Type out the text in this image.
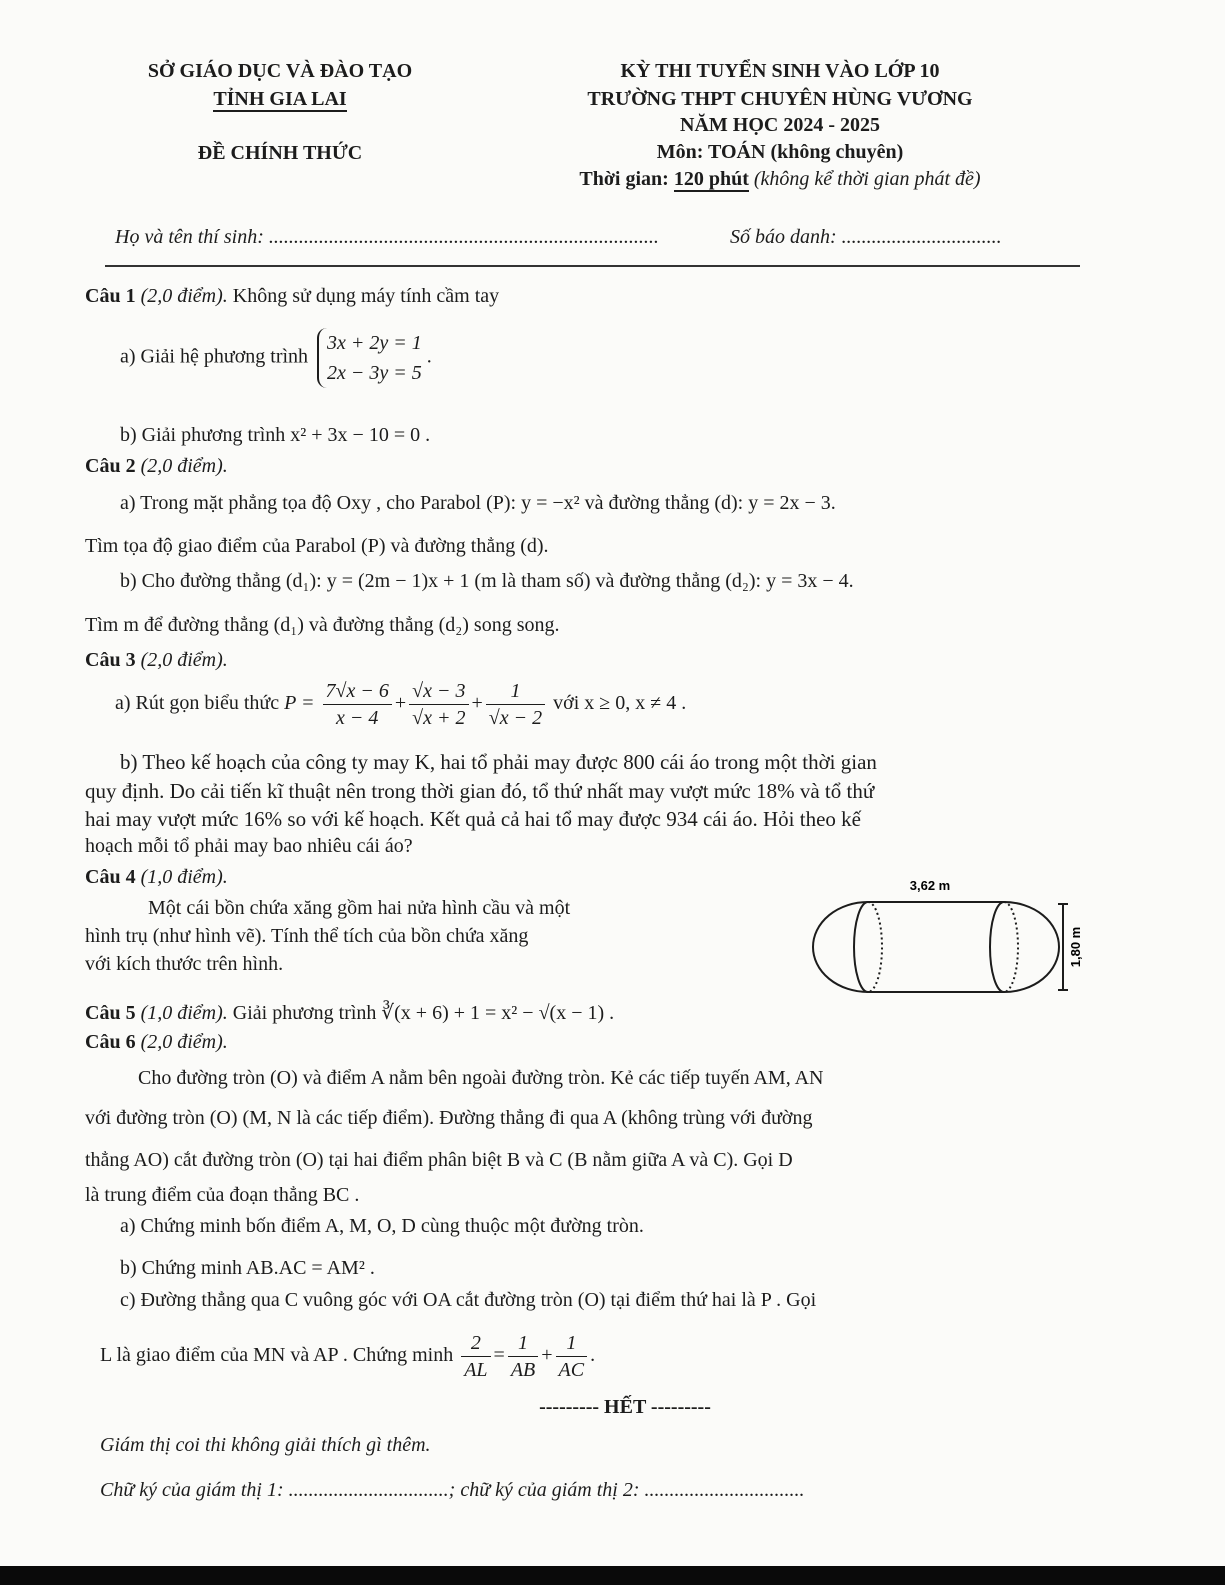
SỞ GIÁO DỤC VÀ ĐÀO TẠO
TỈNH GIA LAI
ĐỀ CHÍNH THỨC
KỲ THI TUYỂN SINH VÀO LỚP 10
TRƯỜNG THPT CHUYÊN HÙNG VƯƠNG
NĂM HỌC 2024 - 2025
Môn: TOÁN (không chuyên)
Thời gian: 120 phút (không kể thời gian phát đề)
Họ và tên thí sinh: ..............................................................................	Số báo danh: ................................
Câu 1 (2,0 điểm). Không sử dụng máy tính cầm tay
a) Giải hệ phương trình
3x + 2y = 1
2x − 3y = 5
.
b) Giải phương trình x² + 3x − 10 = 0 .
Câu 2 (2,0 điểm).
a) Trong mặt phẳng tọa độ Oxy , cho Parabol (P): y = −x² và đường thẳng (d): y = 2x − 3.
Tìm tọa độ giao điểm của Parabol (P) và đường thẳng (d).
b) Cho đường thẳng (d₁): y = (2m − 1)x + 1 (m là tham số) và đường thẳng (d₂): y = 3x − 4.
Tìm m để đường thẳng (d₁) và đường thẳng (d₂) song song.
Câu 3 (2,0 điểm).
a) Rút gọn biểu thức $P = \frac{7√x - 6}{x - 4} + \frac{√x - 3}{√x + 2} + \frac{1}{√x - 2}$ với x ≥ 0, x ≠ 4 .
b) Theo kế hoạch của công ty may K, hai tổ phải may được 800 cái áo trong một thời gian
quy định. Do cải tiến kĩ thuật nên trong thời gian đó, tổ thứ nhất may vượt mức 18% và tổ thứ
hai may vượt mức 16% so với kế hoạch. Kết quả cả hai tổ may được 934 cái áo. Hỏi theo kế
hoạch mỗi tổ phải may bao nhiêu cái áo?
Câu 4 (1,0 điểm).
Một cái bồn chứa xăng gồm hai nửa hình cầu và một
hình trụ (như hình vẽ). Tính thể tích của bồn chứa xăng
với kích thước trên hình.
3,62 m
1,80 m
Câu 5 (1,0 điểm). Giải phương trình ∛(x + 6) + 1 = x² − √(x − 1) .
Câu 6 (2,0 điểm).
Cho đường tròn (O) và điểm A nằm bên ngoài đường tròn. Kẻ các tiếp tuyến AM, AN
với đường tròn (O) (M, N là các tiếp điểm). Đường thẳng đi qua A (không trùng với đường
thẳng AO) cắt đường tròn (O) tại hai điểm phân biệt B và C (B nằm giữa A và C). Gọi D
là trung điểm của đoạn thẳng BC .
a) Chứng minh bốn điểm A, M, O, D cùng thuộc một đường tròn.
b) Chứng minh AB.AC = AM² .
c) Đường thẳng qua C vuông góc với OA cắt đường tròn (O) tại điểm thứ hai là P . Gọi
L là giao điểm của MN và AP . Chứng minh $\frac{2}{AL} = \frac{1}{AB} + \frac{1}{AC}$ .
--------- HẾT ---------
Giám thị coi thi không giải thích gì thêm.
Chữ ký của giám thị 1: ................................; chữ ký của giám thị 2: ................................
